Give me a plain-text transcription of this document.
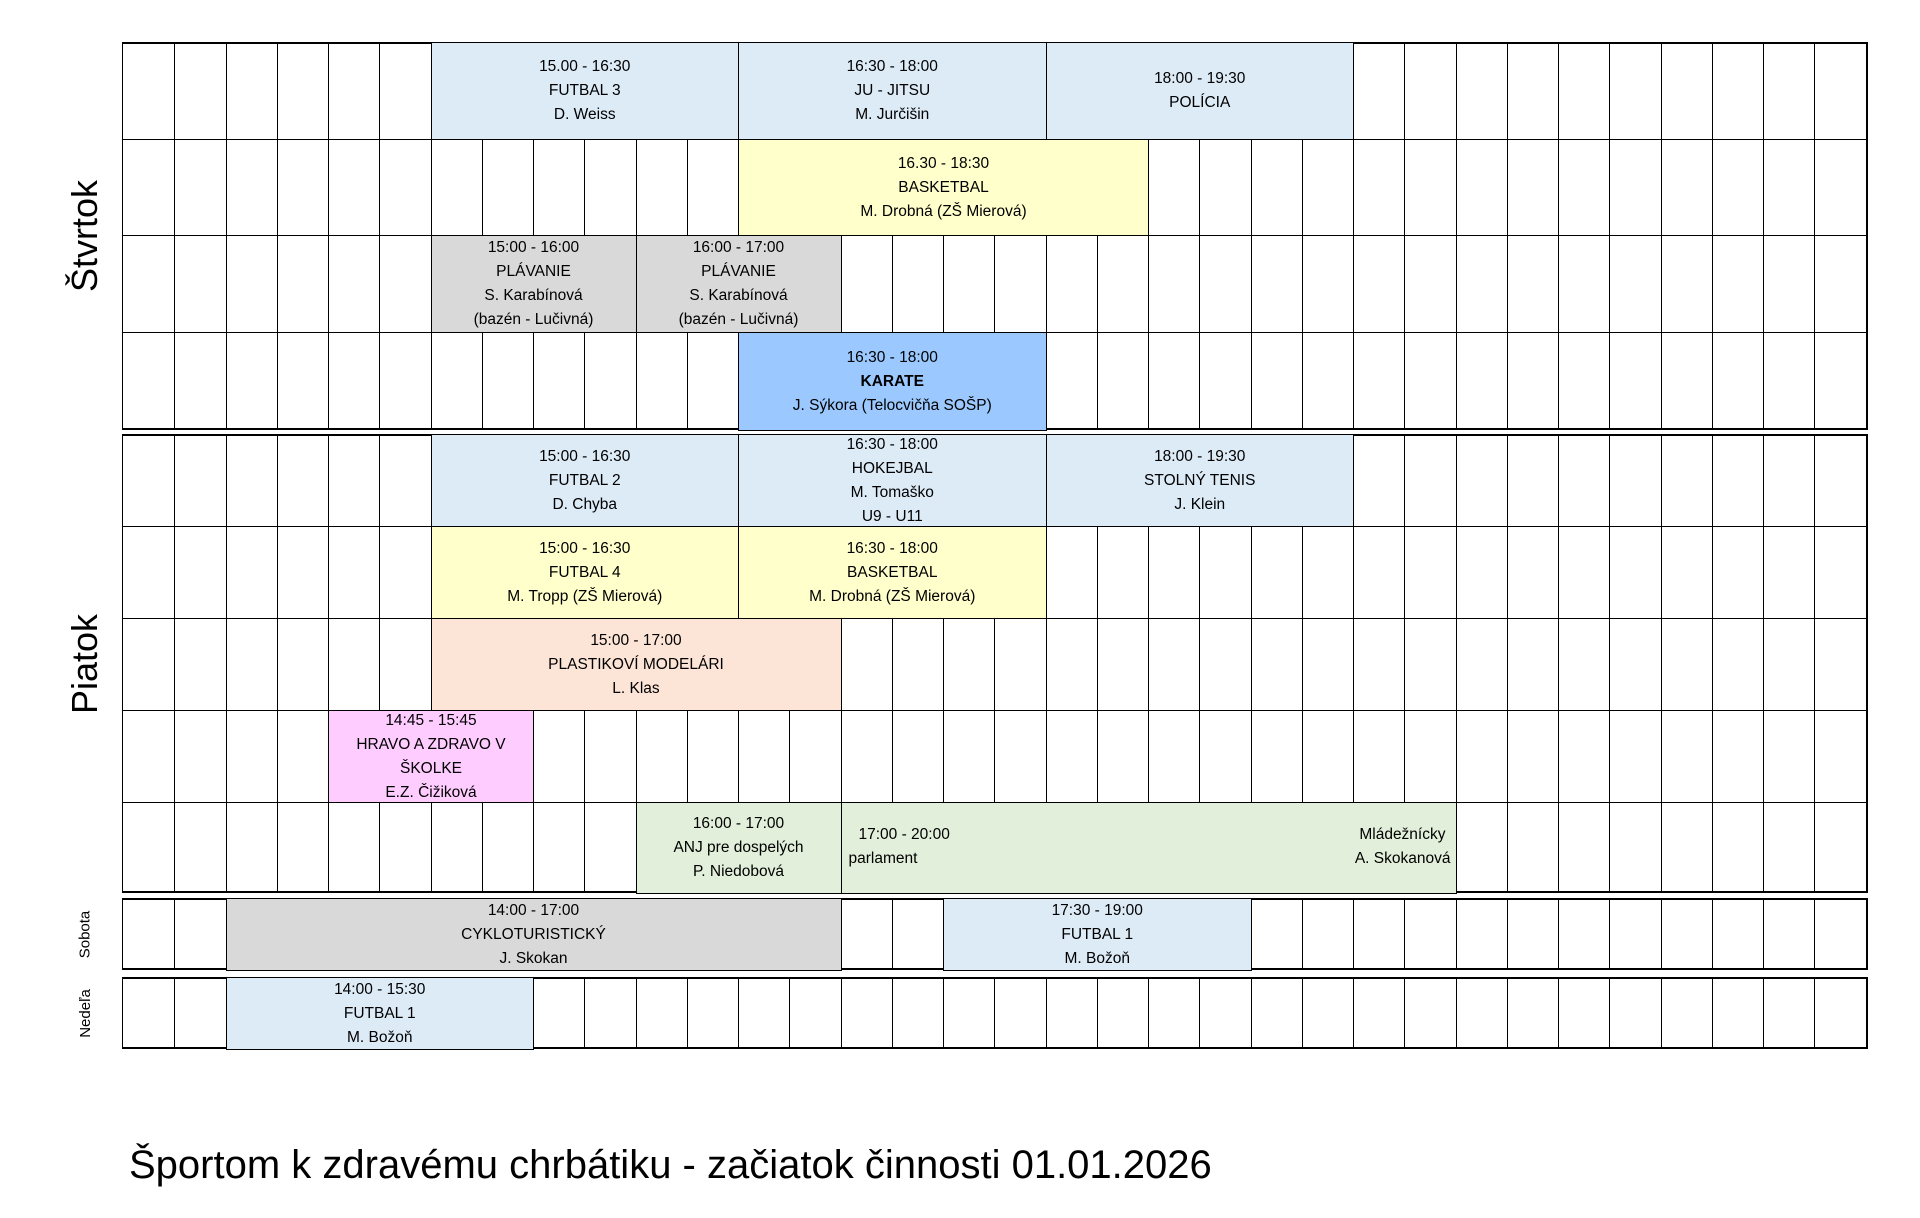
Štvrtok
15.00 - 16:30
FUTBAL 3
D. Weiss
16:30 - 18:00
JU - JITSU
M. Jurčišin
18:00 - 19:30
POLÍCIA
16.30 - 18:30
BASKETBAL
M. Drobná (ZŠ Mierová)
15:00 - 16:00
PLÁVANIE
S. Karabínová
(bazén - Lučivná)
16:00 - 17:00
PLÁVANIE
S. Karabínová
(bazén - Lučivná)
16:30 - 18:00
KARATE
J. Sýkora (Telocvičňa SOŠP)
Piatok
15:00 - 16:30
FUTBAL 2
D. Chyba
16:30 - 18:00
HOKEJBAL
M. Tomaško
U9 - U11
18:00 - 19:30
STOLNÝ TENIS
J. Klein
15:00 - 16:30
FUTBAL 4
M. Tropp (ZŠ Mierová)
16:30 - 18:00
BASKETBAL
M. Drobná (ZŠ Mierová)
15:00 - 17:00
PLASTIKOVÍ MODELÁRI
L. Klas
14:45 - 15:45
HRAVO A ZDRAVO V
ŠKOLKE
E.Z. Čižiková
16:00 - 17:00
ANJ pre dospelých
P. Niedobová
17:00 - 20:00	Mládežnícky
parlament	A. Skokanová
Sobota
14:00 - 17:00
CYKLOTURISTICKÝ
J. Skokan
17:30 - 19:00
FUTBAL 1
M. Božoň
Nedeľa	14:00 - 15:30
FUTBAL 1
M. Božoň
Športom k zdravému chrbátiku - začiatok činnosti 01.01.2026
